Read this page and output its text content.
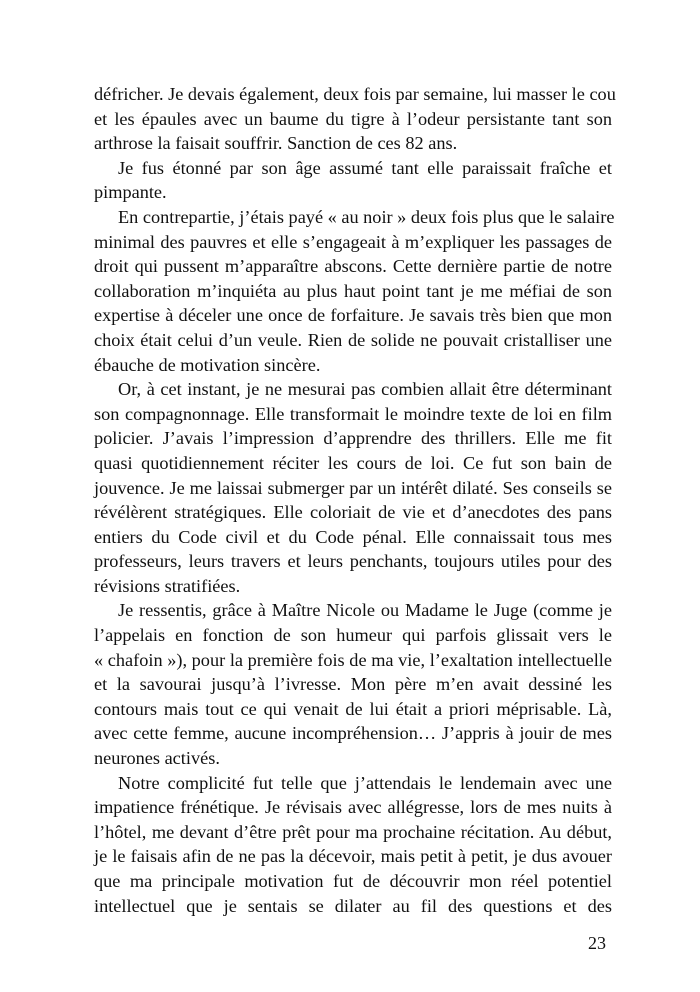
défricher. Je devais également, deux fois par semaine, lui masser le cou
et les épaules avec un baume du tigre à l’odeur persistante tant son
arthrose la faisait souffrir. Sanction de ces 82 ans.
Je fus étonné par son âge assumé tant elle paraissait fraîche et
pimpante.
En contrepartie, j’étais payé « au noir » deux fois plus que le salaire
minimal des pauvres et elle s’engageait à m’expliquer les passages de
droit qui pussent m’apparaître abscons. Cette dernière partie de notre
collaboration m’inquiéta au plus haut point tant je me méfiai de son
expertise à déceler une once de forfaiture. Je savais très bien que mon
choix était celui d’un veule. Rien de solide ne pouvait cristalliser une
ébauche de motivation sincère.
Or, à cet instant, je ne mesurai pas combien allait être déterminant
son compagnonnage. Elle transformait le moindre texte de loi en film
policier. J’avais l’impression d’apprendre des thrillers. Elle me fit
quasi quotidiennement réciter les cours de loi. Ce fut son bain de
jouvence. Je me laissai submerger par un intérêt dilaté. Ses conseils se
révélèrent stratégiques. Elle coloriait de vie et d’anecdotes des pans
entiers du Code civil et du Code pénal. Elle connaissait tous mes
professeurs, leurs travers et leurs penchants, toujours utiles pour des
révisions stratifiées.
Je ressentis, grâce à Maître Nicole ou Madame le Juge (comme je
l’appelais en fonction de son humeur qui parfois glissait vers le
« chafoin »), pour la première fois de ma vie, l’exaltation intellectuelle
et la savourai jusqu’à l’ivresse. Mon père m’en avait dessiné les
contours mais tout ce qui venait de lui était a priori méprisable. Là,
avec cette femme, aucune incompréhension… J’appris à jouir de mes
neurones activés.
Notre complicité fut telle que j’attendais le lendemain avec une
impatience frénétique. Je révisais avec allégresse, lors de mes nuits à
l’hôtel, me devant d’être prêt pour ma prochaine récitation. Au début,
je le faisais afin de ne pas la décevoir, mais petit à petit, je dus avouer
que ma principale motivation fut de découvrir mon réel potentiel
intellectuel que je sentais se dilater au fil des questions et des
23
